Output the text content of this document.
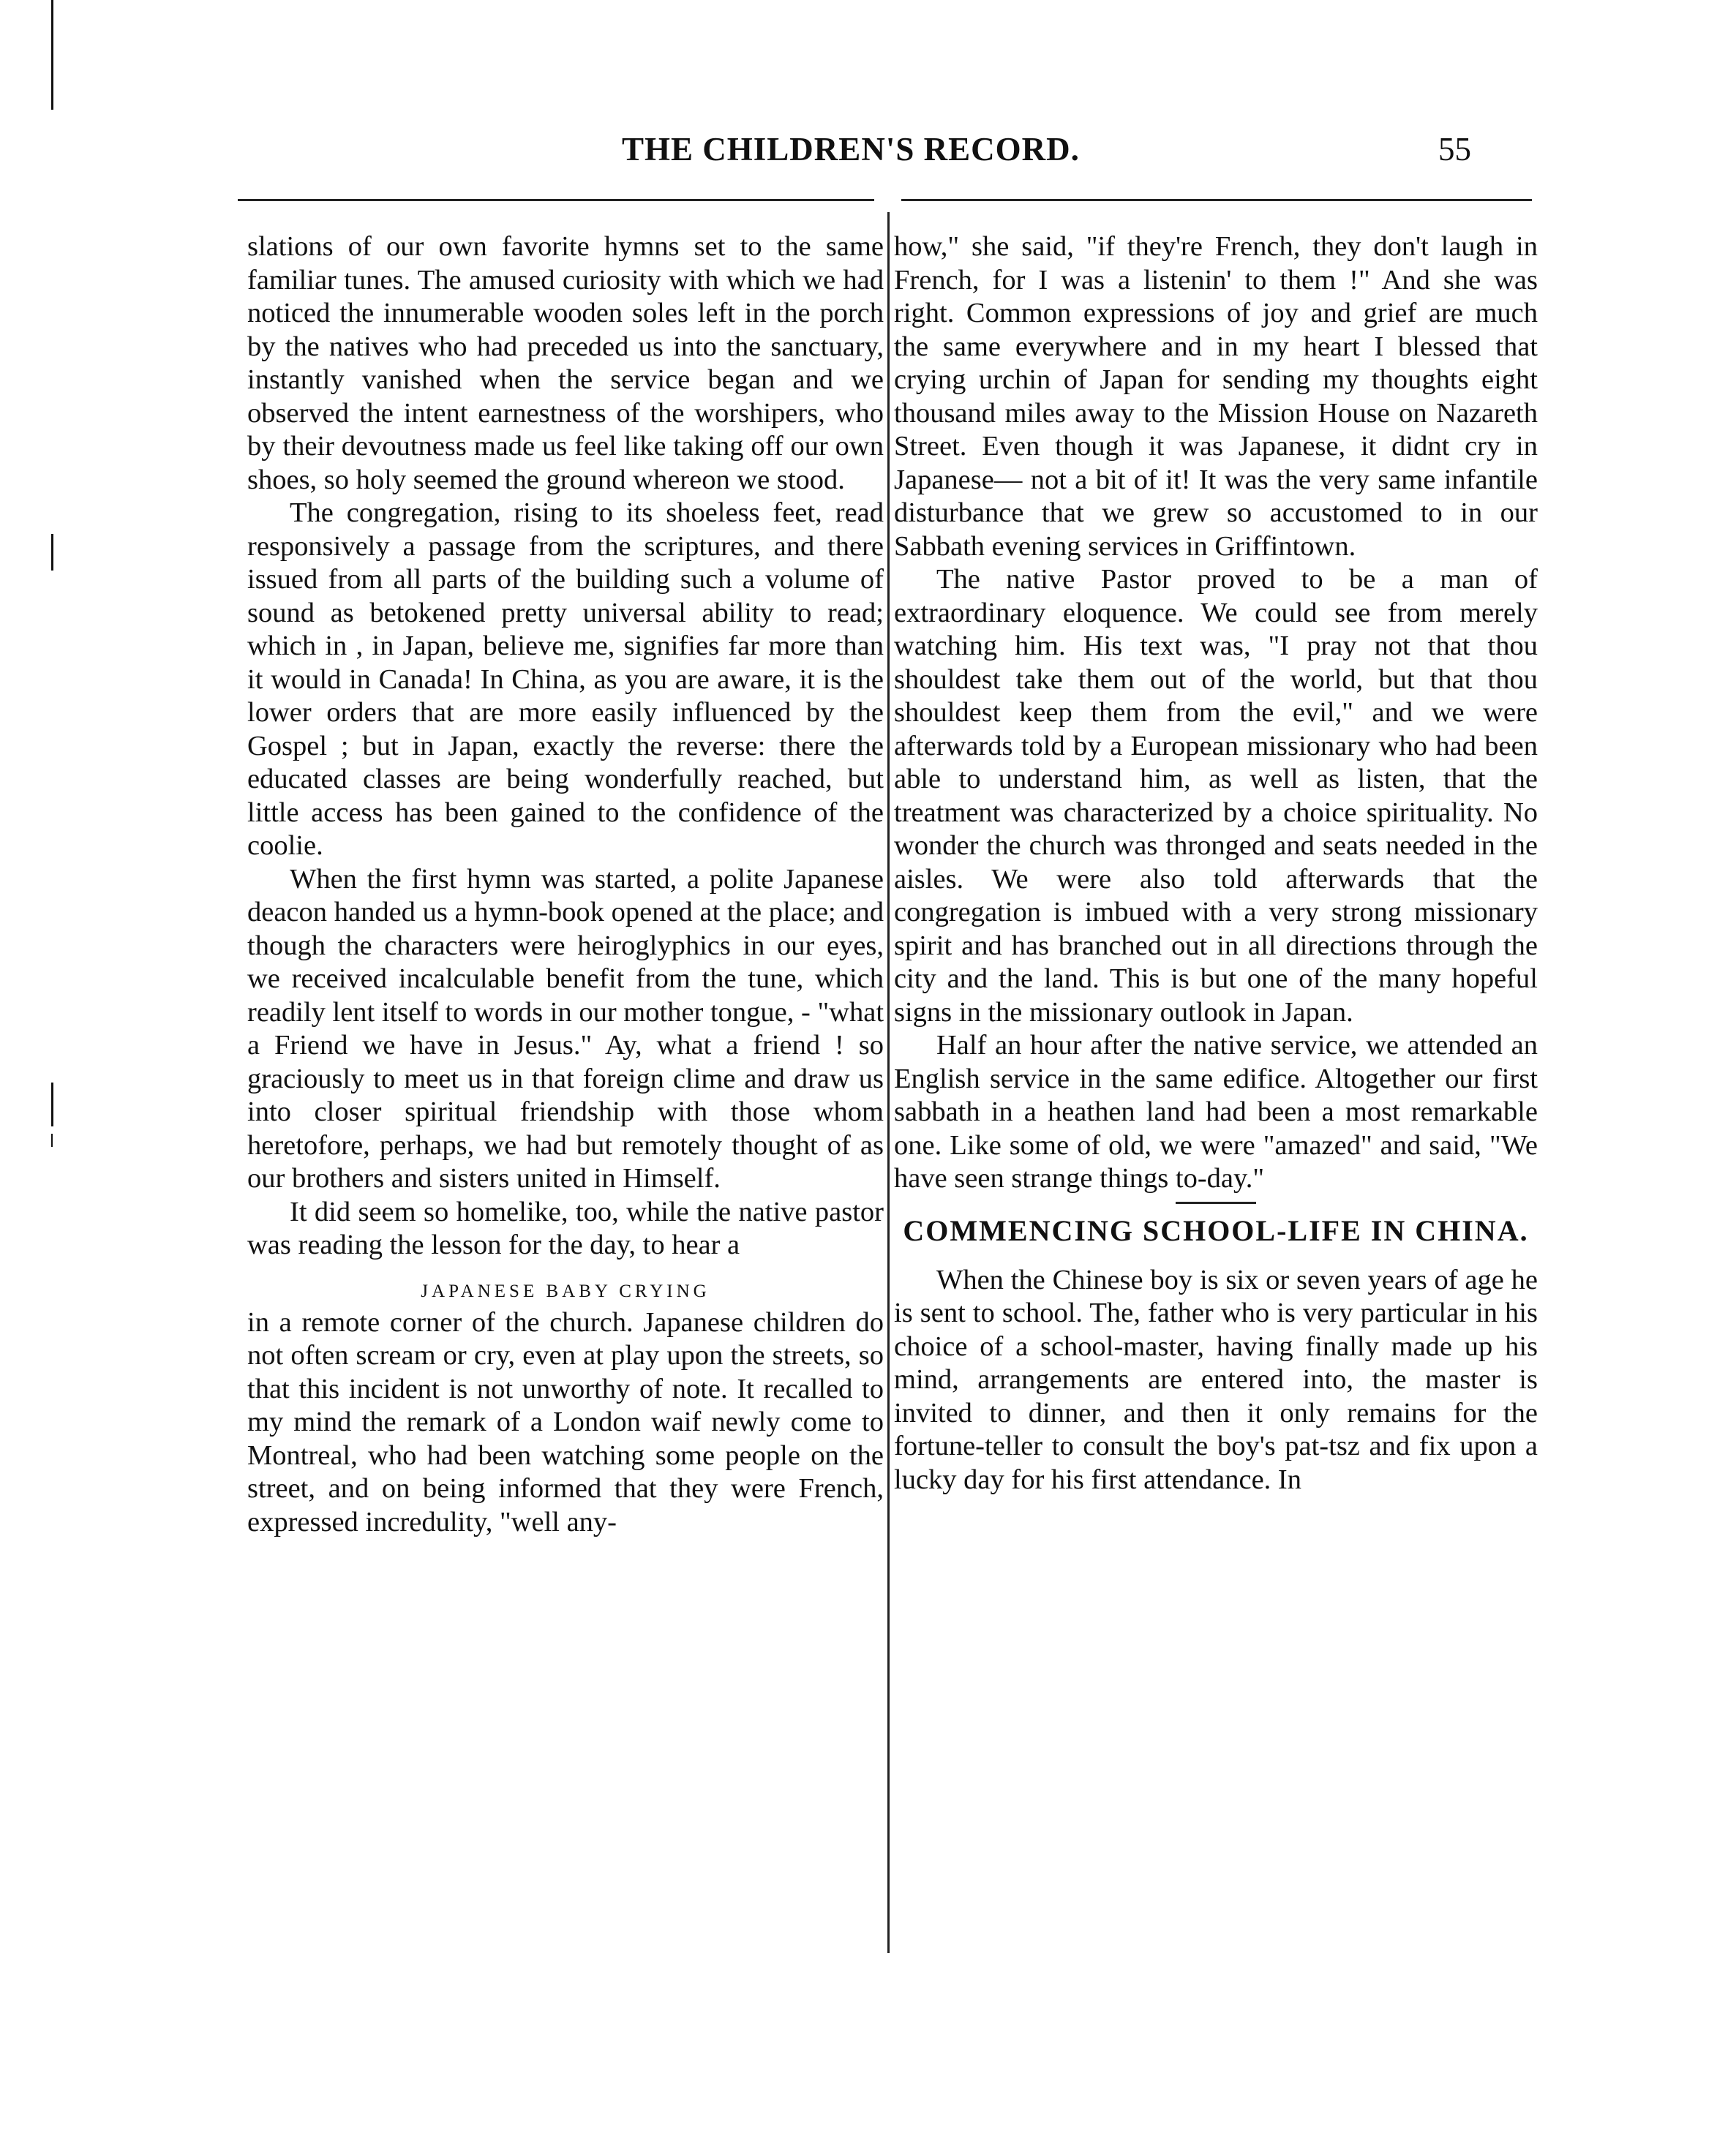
THE CHILDREN'S RECORD.	55

slations of our own favorite hymns set to the same familiar tunes. The amused curiosity with which we had noticed the innumerable wooden soles left in the porch by the natives who had preceded us into the sanctuary, instantly vanished when the service began and we observed the intent earnestness of the worshipers, who by their devoutness made us feel like taking off our own shoes, so holy seemed the ground whereon we stood.

The congregation, rising to its shoeless feet, read responsively a passage from the scriptures, and there issued from all parts of the building such a volume of sound as betokened pretty universal ability to read; which in , in Japan, believe me, signifies far more than it would in Canada! In China, as you are aware, it is the lower orders that are more easily influenced by the Gospel ; but in Japan, exactly the reverse: there the educated classes are being wonderfully reached, but little access has been gained to the confidence of the coolie.

When the first hymn was started, a polite Japanese deacon handed us a hymn-book opened at the place; and though the characters were heiroglyphics in our eyes, we received incalculable benefit from the tune, which readily lent itself to words in our mother tongue, - "what a Friend we have in Jesus." Ay, what a friend ! so graciously to meet us in that foreign clime and draw us into closer spiritual friendship with those whom heretofore, perhaps, we had but remotely thought of as our brothers and sisters united in Himself.

It did seem so homelike, too, while the native pastor was reading the lesson for the day, to hear a

JAPANESE BABY CRYING

in a remote corner of the church. Japanese children do not often scream or cry, even at play upon the streets, so that this incident is not unworthy of note. It recalled to my mind the remark of a London waif newly come to Montreal, who had been watching some people on the street, and on being informed that they were French, expressed incredulity, "well any-

how," she said, "if they're French, they don't laugh in French, for I was a listenin' to them !" And she was right. Common expressions of joy and grief are much the same everywhere and in my heart I blessed that crying urchin of Japan for sending my thoughts eight thousand miles away to the Mission House on Nazareth Street. Even though it was Japanese, it didnt cry in Japanese— not a bit of it! It was the very same infantile disturbance that we grew so accustomed to in our Sabbath evening services in Griffintown.

The native Pastor proved to be a man of extraordinary eloquence. We could see from merely watching him. His text was, "I pray not that thou shouldest take them out of the world, but that thou shouldest keep them from the evil," and we were afterwards told by a European missionary who had been able to understand him, as well as listen, that the treatment was characterized by a choice spirituality. No wonder the church was thronged and seats needed in the aisles. We were also told afterwards that the congregation is imbued with a very strong missionary spirit and has branched out in all directions through the city and the land. This is but one of the many hopeful signs in the missionary outlook in Japan.

Half an hour after the native service, we attended an English service in the same edifice. Altogether our first sabbath in a heathen land had been a most remarkable one. Like some of old, we were "amazed" and said, "We have seen strange things to-day."

COMMENCING SCHOOL-LIFE IN CHINA.

When the Chinese boy is six or seven years of age he is sent to school. The, father who is very particular in his choice of a school-master, having finally made up his mind, arrangements are entered into, the master is invited to dinner, and then it only remains for the fortune-teller to consult the boy's pat-tsz and fix upon a lucky day for his first attendance. In
